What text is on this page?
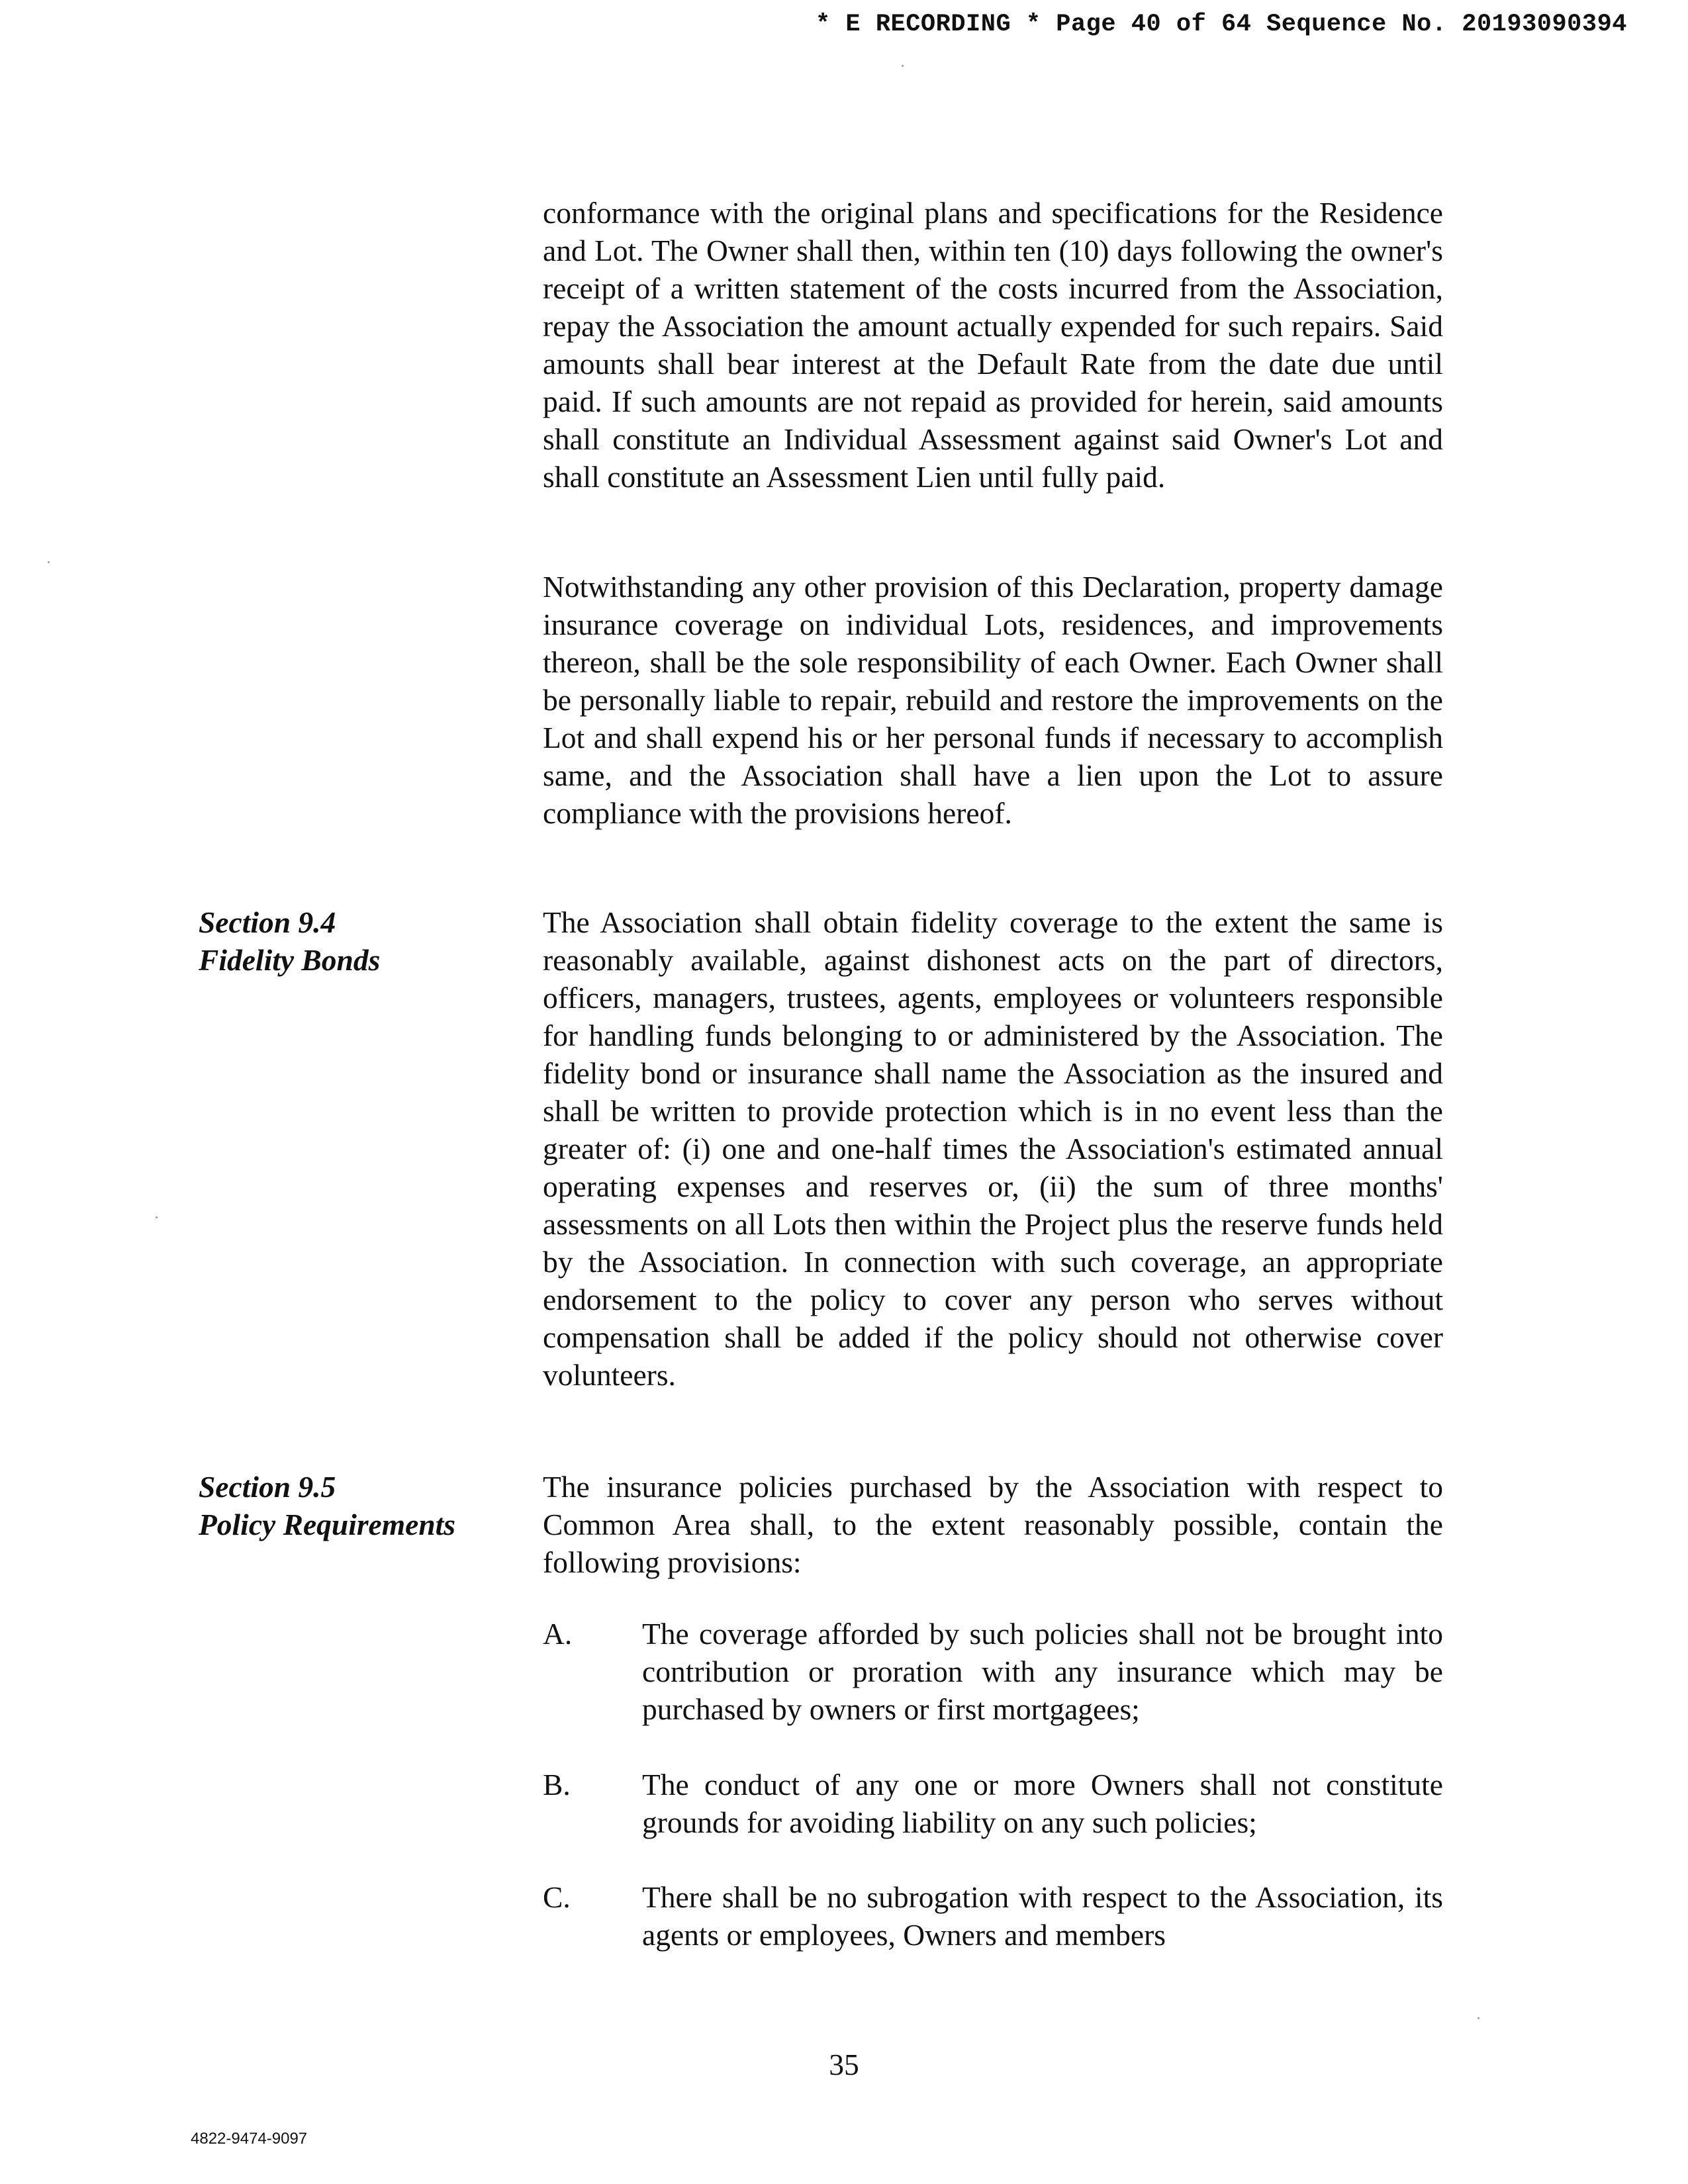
* E RECORDING * Page 40 of 64 Sequence No. 20193090394
conformance with the original plans and specifications for the Residence and Lot. The Owner shall then, within ten (10) days following the owner's receipt of a written statement of the costs incurred from the Association, repay the Association the amount actually expended for such repairs. Said amounts shall bear interest at the Default Rate from the date due until paid. If such amounts are not repaid as provided for herein, said amounts shall constitute an Individual Assessment against said Owner's Lot and shall constitute an Assessment Lien until fully paid.
Notwithstanding any other provision of this Declaration, property damage insurance coverage on individual Lots, residences, and improvements thereon, shall be the sole responsibility of each Owner. Each Owner shall be personally liable to repair, rebuild and restore the improvements on the Lot and shall expend his or her personal funds if necessary to accomplish same, and the Association shall have a lien upon the Lot to assure compliance with the provisions hereof.
Section 9.4
Fidelity Bonds
The Association shall obtain fidelity coverage to the extent the same is reasonably available, against dishonest acts on the part of directors, officers, managers, trustees, agents, employees or volunteers responsible for handling funds belonging to or administered by the Association. The fidelity bond or insurance shall name the Association as the insured and shall be written to provide protection which is in no event less than the greater of: (i) one and one-half times the Association's estimated annual operating expenses and reserves or, (ii) the sum of three months' assessments on all Lots then within the Project plus the reserve funds held by the Association. In connection with such coverage, an appropriate endorsement to the policy to cover any person who serves without compensation shall be added if the policy should not otherwise cover volunteers.
Section 9.5
Policy Requirements
The insurance policies purchased by the Association with respect to Common Area shall, to the extent reasonably possible, contain the following provisions:
A. The coverage afforded by such policies shall not be brought into contribution or proration with any insurance which may be purchased by owners or first mortgagees;
B. The conduct of any one or more Owners shall not constitute grounds for avoiding liability on any such policies;
C. There shall be no subrogation with respect to the Association, its agents or employees, Owners and members
35
4822-9474-9097
